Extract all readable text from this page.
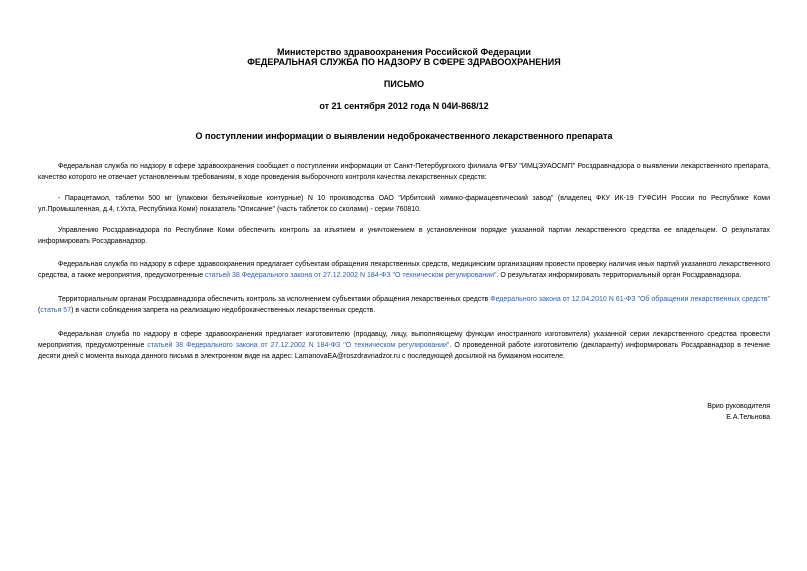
Министерство здравоохранения Российской Федерации
ФЕДЕРАЛЬНАЯ СЛУЖБА ПО НАДЗОРУ В СФЕРЕ ЗДРАВООХРАНЕНИЯ
ПИСЬМО
от 21 сентября 2012 года N 04И-868/12
О поступлении информации о выявлении недоброкачественного лекарственного препарата

Федеральная служба по надзору в сфере здравоохранения сообщает о поступлении информации от Санкт-Петербургского филиала ФГБУ "ИМЦЭУАОСМП" Росздравнадзора о выявлении лекарственного препарата, качество которого не отвечает установленным требованиям, в ходе проведения выборочного контроля качества лекарственных средств:

- Парацетамол, таблетки 500 мг (упаковки безъячейковые контурные) N 10 производства ОАО "Ирбитский химико-фармацевтический завод" (владелец ФКУ ИК-19 ГУФСИН России по Республике Коми ул.Промышленная, д.4, г.Ухта, Республика Коми) показатель "Описание" (часть таблеток со сколами) - серии 760810.

Управлению Росздравнадзора по Республике Коми обеспечить контроль за изъятием и уничтожением в установленном порядке указанной партии лекарственного средства ее владельцем. О результатах информировать Росздравнадзор.

Федеральная служба по надзору в сфере здравоохранения предлагает субъектам обращения лекарственных средств, медицинским организациям провести проверку наличия иных партий указанного лекарственного средства, а также мероприятия, предусмотренные статьей 38 Федерального закона от 27.12.2002 N 184-ФЗ "О техническом регулировании". О результатах информировать территориальный орган Росздравнадзора.

Территориальным органам Росздравнадзора обеспечить контроль за исполнением субъектами обращения лекарственных средств Федерального закона от 12.04.2010 N 61-ФЗ "Об обращении лекарственных средств" (статья 57) в части соблюдения запрета на реализацию недоброкачественных лекарственных средств.

Федеральная служба по надзору в сфере здравоохранения предлагает изготовителю (продавцу, лицу, выполняющему функции иностранного изготовителя) указанной серии лекарственного средства провести мероприятия, предусмотренные статьей 38 Федерального закона от 27.12.2002 N 184-ФЗ "О техническом регулировании". О проведенной работе изготовителю (декларанту) информировать Росздравнадзор в течение десяти дней с момента выхода данного письма в электронном виде на адрес: LamanovaEA@roszdravnadzor.ru с последующей досылкой на бумажном носителе.

Врио руководителя
Е.А.Тельнова
